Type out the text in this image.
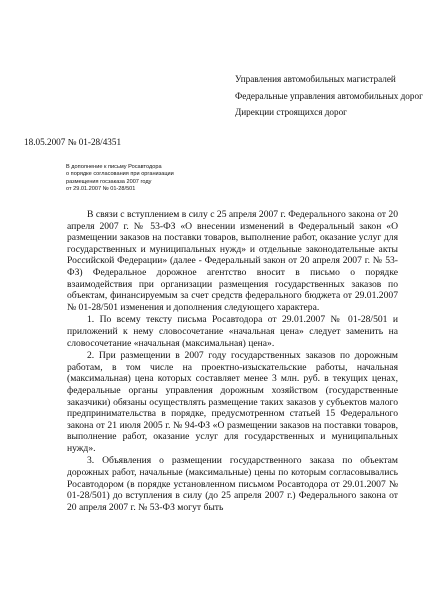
Управления автомобильных магистралей
Федеральные управления автомобильных дорог
Дирекции строящихся дорог
18.05.2007 № 01-28/4351
В дополнение к письму Росавтодора
о порядке согласования при организации
размещения госзаказа 2007 году
от 29.01.2007 № 01-28/501

В связи с вступлением в силу с 25 апреля 2007 г. Федерального закона от 20 апреля 2007 г. № 53-ФЗ «О внесении изменений в Федеральный закон «О размещении заказов на поставки товаров, выполнение работ, оказание услуг для государственных и муниципальных нужд» и отдельные законодательные акты Российской Федерации» (далее - Федеральный закон от 20 апреля 2007 г. № 53-ФЗ) Федеральное дорожное агентство вносит в письмо о порядке взаимодействия при организации размещения государственных заказов по объектам, финансируемым за счет средств федерального бюджета от 29.01.2007 № 01-28/501 изменения и дополнения следующего характера.

1. По всему тексту письма Росавтодора от 29.01.2007 № 01-28/501 и приложений к нему словосочетание «начальная цена» следует заменить на словосочетание «начальная (максимальная) цена».

2. При размещении в 2007 году государственных заказов по дорожным работам, в том числе на проектно-изыскательские работы, начальная (максимальная) цена которых составляет менее 3 млн. руб. в текущих ценах, федеральные органы управления дорожным хозяйством (государственные заказчики) обязаны осуществлять размещение таких заказов у субъектов малого предпринимательства в порядке, предусмотренном статьей 15 Федерального закона от 21 июля 2005 г. № 94-ФЗ «О размещении заказов на поставки товаров, выполнение работ, оказание услуг для государственных и муниципальных нужд».

3. Объявления о размещении государственного заказа по объектам дорожных работ, начальные (максимальные) цены по которым согласовывались Росавтодором (в порядке установленном письмом Росавтодора от 29.01.2007 № 01-28/501) до вступления в силу (до 25 апреля 2007 г.) Федерального закона от 20 апреля 2007 г. № 53-ФЗ могут быть
